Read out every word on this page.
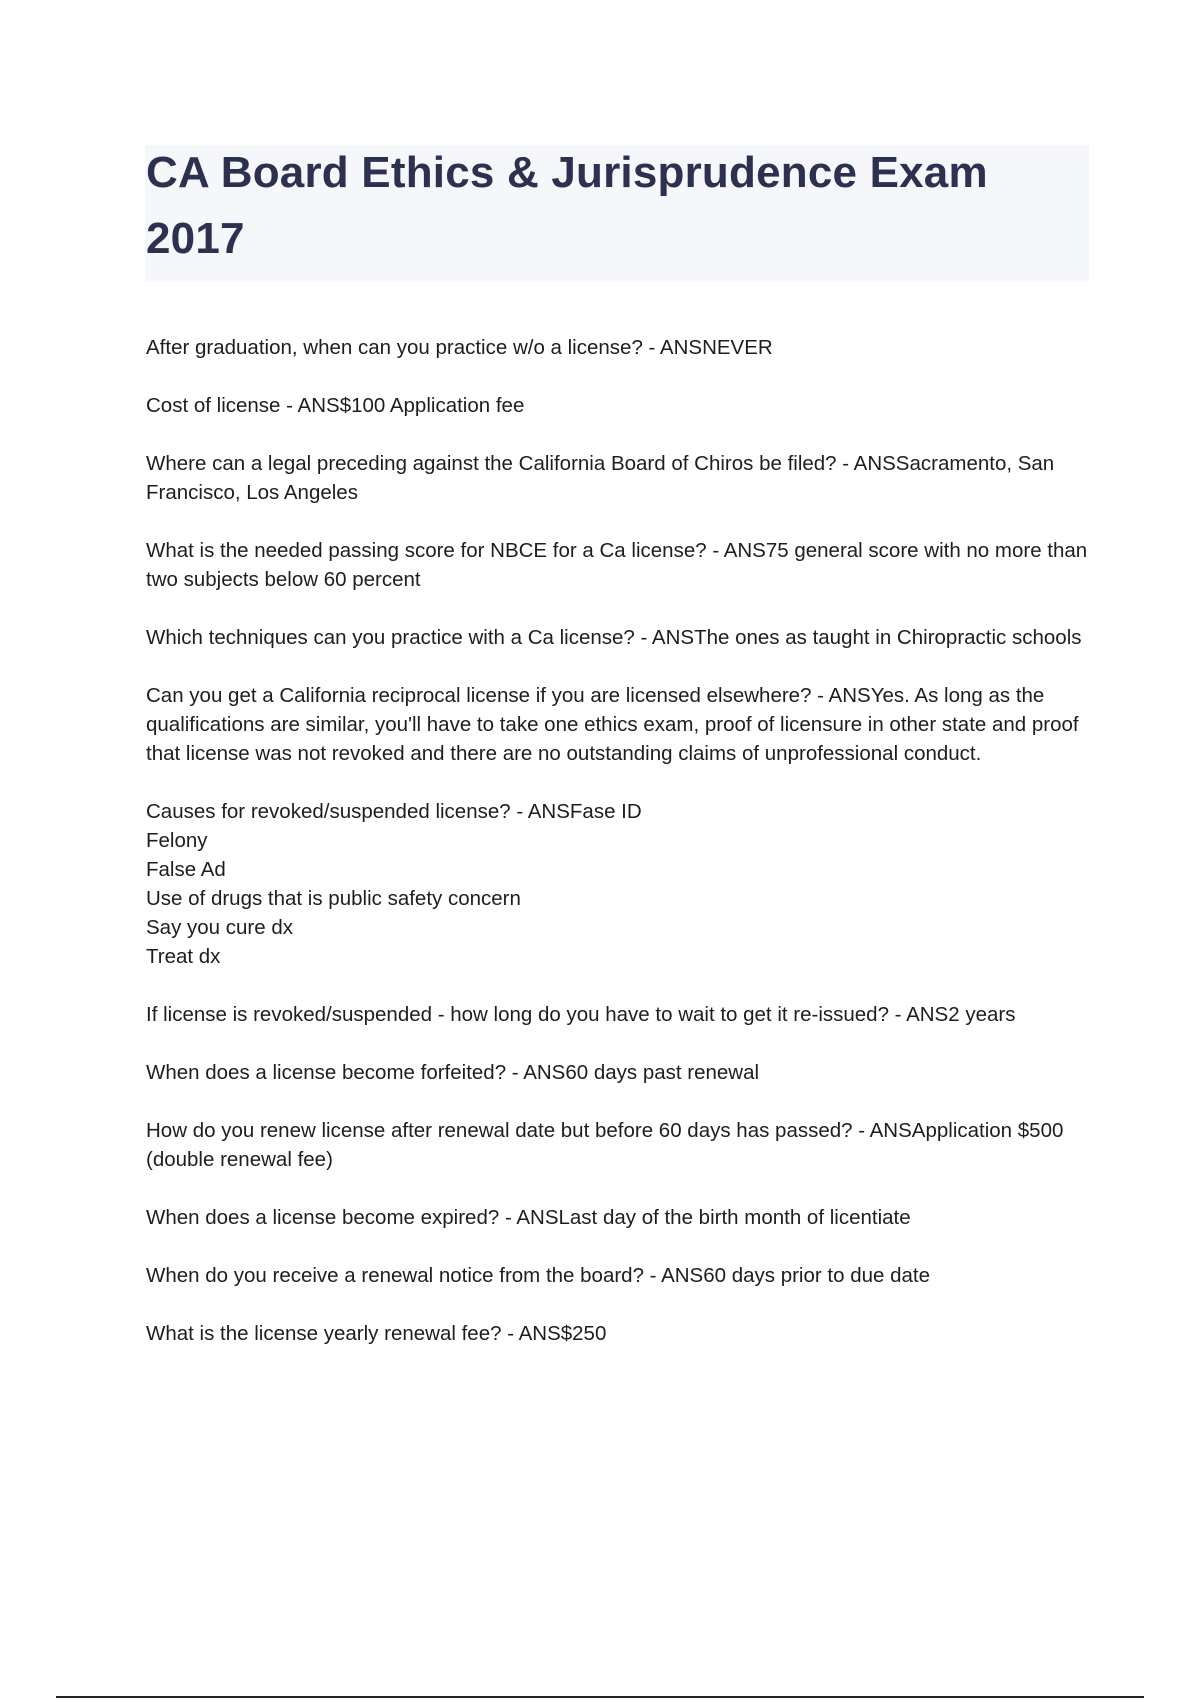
CA Board Ethics & Jurisprudence Exam 2017

After graduation, when can you practice w/o a license? - ANSNEVER

Cost of license - ANS$100 Application fee

Where can a legal preceding against the California Board of Chiros be filed? - ANSSacramento, San Francisco, Los Angeles

What is the needed passing score for NBCE for a Ca license? - ANS75 general score with no more than two subjects below 60 percent

Which techniques can you practice with a Ca license? - ANSThe ones as taught in Chiropractic schools

Can you get a California reciprocal license if you are licensed elsewhere? - ANSYes. As long as the qualifications are similar, you'll have to take one ethics exam, proof of licensure in other state and proof that license was not revoked and there are no outstanding claims of unprofessional conduct.

Causes for revoked/suspended license? - ANSFase ID
Felony
False Ad
Use of drugs that is public safety concern
Say you cure dx
Treat dx

If license is revoked/suspended - how long do you have to wait to get it re-issued? - ANS2 years

When does a license become forfeited? - ANS60 days past renewal

How do you renew license after renewal date but before 60 days has passed? - ANSApplication $500 (double renewal fee)

When does a license become expired? - ANSLast day of the birth month of licentiate

When do you receive a renewal notice from the board? - ANS60 days prior to due date

What is the license yearly renewal fee? - ANS$250
